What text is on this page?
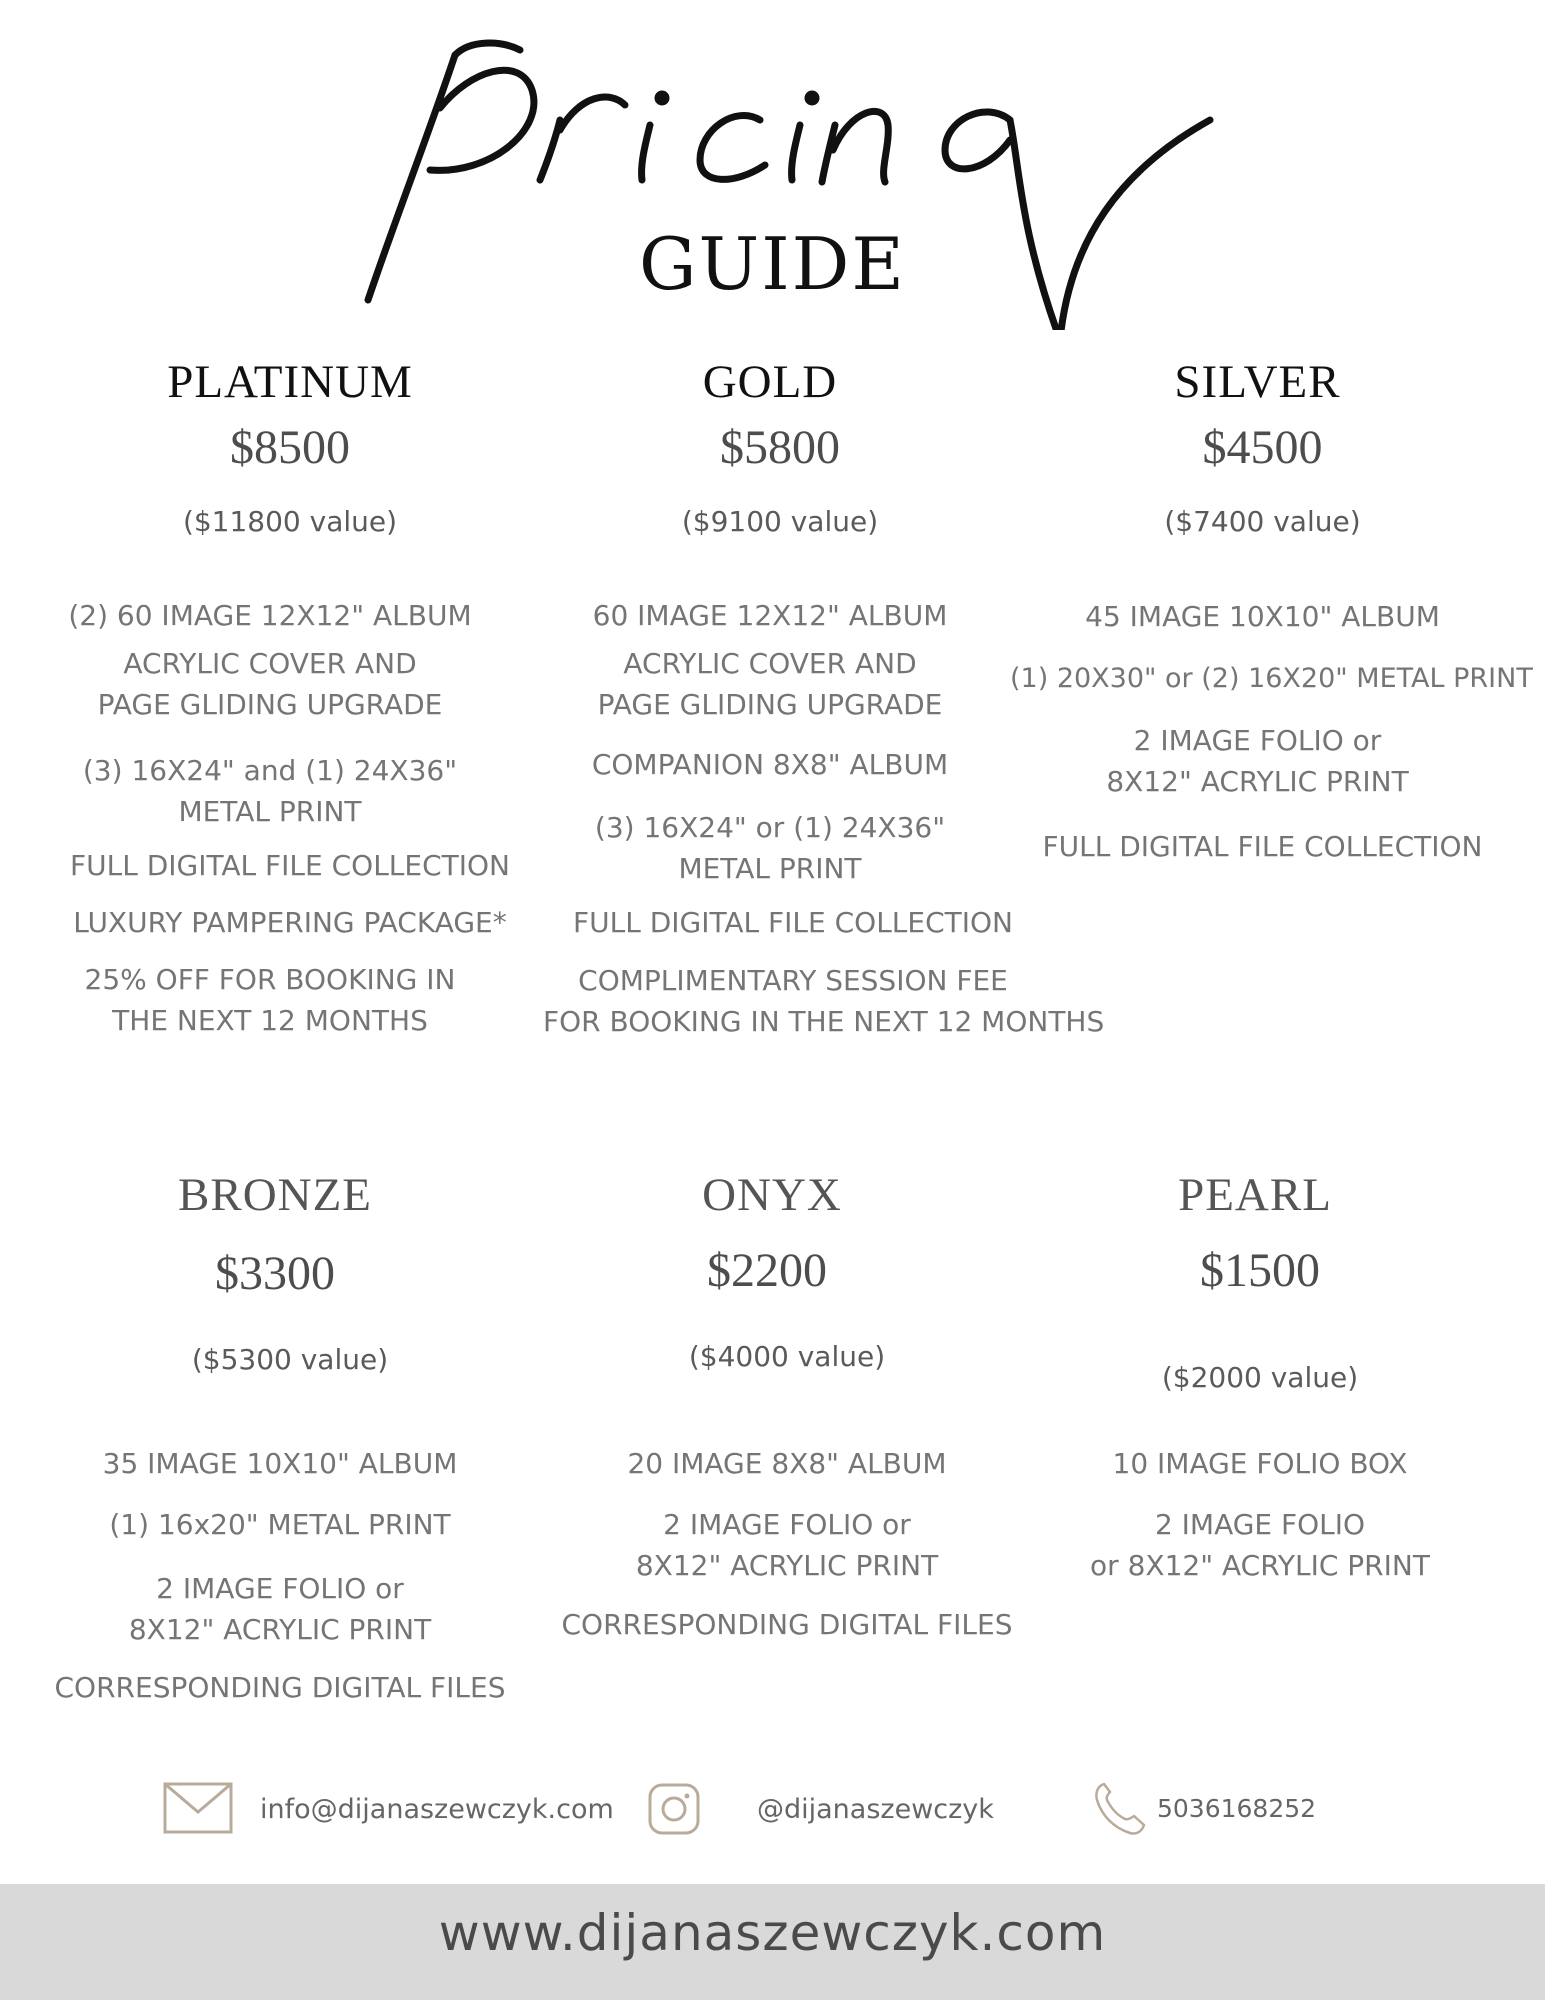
GUIDE
PLATINUM
$8500
($11800 value)
(2) 60 IMAGE 12X12" ALBUM
ACRYLIC COVER AND
PAGE GLIDING UPGRADE
(3) 16X24" and (1) 24X36"
METAL PRINT
FULL DIGITAL FILE COLLECTION
LUXURY PAMPERING PACKAGE*
25% OFF FOR BOOKING IN
THE NEXT 12 MONTHS
GOLD
$5800
($9100 value)
60 IMAGE 12X12" ALBUM
ACRYLIC COVER AND
PAGE GLIDING UPGRADE
COMPANION 8X8" ALBUM
(3) 16X24" or (1) 24X36"
METAL PRINT
FULL DIGITAL FILE COLLECTION
COMPLIMENTARY SESSION FEE
FOR BOOKING IN THE NEXT 12 MONTHS
SILVER
$4500
($7400 value)
45 IMAGE 10X10" ALBUM
(1) 20X30" or (2) 16X20" METAL PRINT
2 IMAGE FOLIO or
8X12" ACRYLIC PRINT
FULL DIGITAL FILE COLLECTION
BRONZE
$3300
($5300 value)
35 IMAGE 10X10" ALBUM
(1) 16x20" METAL PRINT
2 IMAGE FOLIO or
8X12" ACRYLIC PRINT
CORRESPONDING DIGITAL FILES
ONYX
$2200
($4000 value)
20 IMAGE 8X8" ALBUM
2 IMAGE FOLIO or
8X12" ACRYLIC PRINT
CORRESPONDING DIGITAL FILES
PEARL
$1500
($2000 value)
10 IMAGE FOLIO BOX
2 IMAGE FOLIO
or 8X12" ACRYLIC PRINT
info@dijanaszewczyk.com	@dijanaszewczyk	5036168252
www.dijanaszewczyk.com
